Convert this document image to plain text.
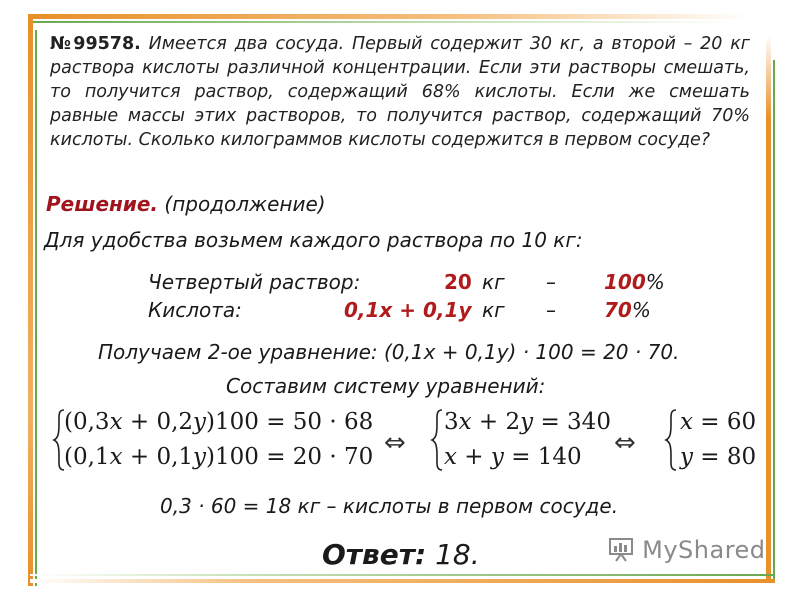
№99578. Имеется два сосуда. Первый содержит 30 кг, а второй – 20 кг раствора кислоты различной концентрации. Если эти растворы смешать, то получится раствор, содержащий 68% кислоты. Если же смешать равные массы этих растворов, то получится раствор, содержащий 70% кислоты. Сколько килограммов кислоты содержится в первом сосуде?
Решение. (продолжение)
Для удобства возьмем каждого раствора по 10 кг:
Четвертый раствор:	20 кг – 100%
Кислота:	0,1x + 0,1y кг – 70%
Получаем 2-ое уравнение: (0,1x + 0,1y) · 100 = 20 · 70.
Составим систему уравнений:
(0,3x + 0,2y)100 = 50 · 68
(0,1x + 0,1y)100 = 20 · 70 ⇔
3x + 2y = 340
x + y = 140 ⇔
x = 60
y = 80
0,3 · 60 = 18 кг – кислоты в первом сосуде.
Ответ: 18.	MyShared
